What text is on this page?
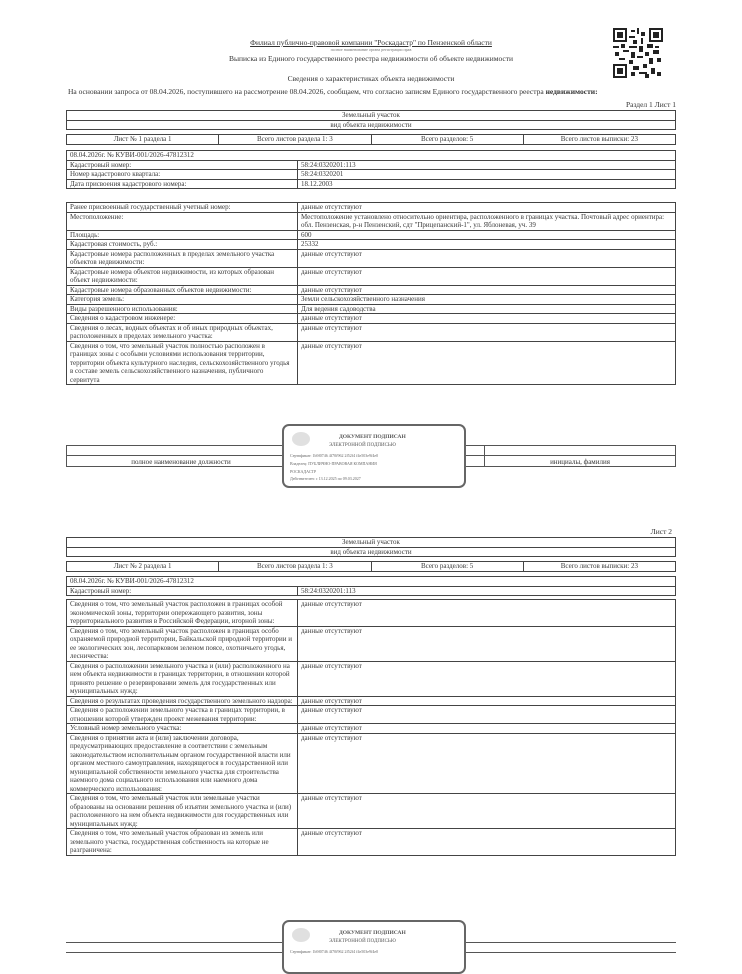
Филиал публично-правовой компании "Роскадастр" по Пензенской области
полное наименование органа регистрации прав
Выписка из Единого государственного реестра недвижимости об объекте недвижимости
Сведения о характеристиках объекта недвижимости
На основании запроса от 08.04.2026, поступившего на рассмотрение 08.04.2026, сообщаем, что согласно записям Единого государственного реестра недвижимости:
Раздел 1 Лист 1
Земельный участок
вид объекта недвижимости
Лист № 1 раздела 1	Всего листов раздела 1: 3	Всего разделов: 5	Всего листов выписки: 23
08.04.2026г. № КУВИ-001/2026-47812312	
Кадастровый номер:	58:24:0320201:113
Номер кадастрового квартала:	58:24:0320201
Дата присвоения кадастрового номера:	18.12.2003
Ранее присвоенный государственный учетный номер:	данные отсутствуют
Местоположение:	Местоположение установлено относительно ориентира, расположенного в границах участка. Почтовый адрес ориентира: обл. Пензенская, р-н Пензенский, сдт "Прицепанский-1", ул. Яблоневая, уч. 39
Площадь:	600
Кадастровая стоимость, руб.:	25332
Кадастровые номера расположенных в пределах земельного участка объектов недвижимости:	данные отсутствуют
Кадастровые номера объектов недвижимости, из которых образован объект недвижимости:	данные отсутствуют
Кадастровые номера образованных объектов недвижимости:	данные отсутствуют
Категория земель:	Земли сельскохозяйственного назначения
Виды разрешенного использования:	Для ведения садоводства
Сведения о кадастровом инженере:	данные отсутствуют
Сведения о лесах, водных объектах и об иных природных объектах, расположенных в пределах земельного участка:	данные отсутствуют
Сведения о том, что земельный участок полностью расположен в границах зоны с особыми условиями использования территории, территории объекта культурного наследия, сельскохозяйственного угодья в составе земель сельскохозяйственного назначения, публичного сервитута	данные отсутствуют
полное наименование должности	инициалы, фамилия
ДОКУМЕНТ ПОДПИСАН
ЭЛЕКТРОННОЙ ПОДПИСЬЮ
Сертификат: 1b9f0746 4f70f962 2f52f4 f4e503e9f4e0
Владелец: ПУБЛИЧНО-ПРАВОВАЯ КОМПАНИЯ
РОСКАДАСТР
Действителен: с 13.12.2025 по 09.03.2027
Лист 2
Земельный участок
вид объекта недвижимости
Лист № 2 раздела 1	Всего листов раздела 1: 3	Всего разделов: 5	Всего листов выписки: 23
08.04.2026г. № КУВИ-001/2026-47812312
Кадастровый номер:	58:24:0320201:113
Сведения о том, что земельный участок расположен в границах особой экономической зоны, территории опережающего развития, зоны территориального развития в Российской Федерации, игорной зоны:	данные отсутствуют
Сведения о том, что земельный участок расположен в границах особо охраняемой природной территории, Байкальской природной территории и ее экологических зон, лесопарковом зеленом поясе, охотничьего угодья, лесничества:	данные отсутствуют
Сведения о расположении земельного участка и (или) расположенного на нем объекта недвижимости в границах территории, в отношении которой принято решение о резервировании земель для государственных или муниципальных нужд:	данные отсутствуют
Сведения о результатах проведения государственного земельного надзора:	данные отсутствуют
Сведения о расположении земельного участка в границах территории, в отношении которой утвержден проект межевания территории:	данные отсутствуют
Условный номер земельного участка:	данные отсутствуют
Сведения о принятии акта и (или) заключении договора, предусматривающих предоставление в соответствии с земельным законодательством исполнительным органом государственной власти или органом местного самоуправления, находящегося в государственной или муниципальной собственности земельного участка для строительства наемного дома социального использования или наемного дома коммерческого использования:	данные отсутствуют
Сведения о том, что земельный участок или земельные участки образованы на основании решения об изъятии земельного участка и (или) расположенного на нем объекта недвижимости для государственных или муниципальных нужд:	данные отсутствуют
Сведения о том, что земельный участок образован из земель или земельного участка, государственная собственность на которые не разграничена:	данные отсутствуют
ДОКУМЕНТ ПОДПИСАН
ЭЛЕКТРОННОЙ ПОДПИСЬЮ
Сертификат: 1b9f0746 4f70f962 2f52f4 f4e503e9f4e0
